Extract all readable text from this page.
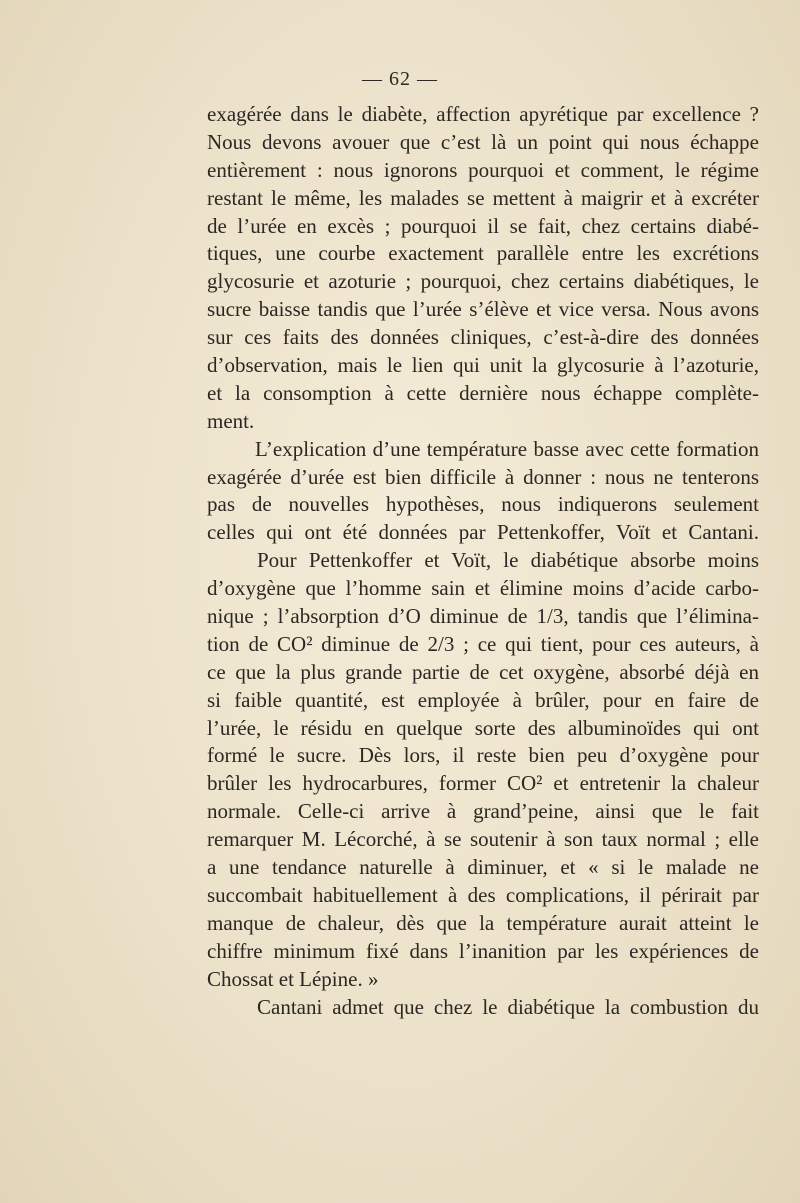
— 62 —
exagérée dans le diabète, affection apyrétique par excellence ?
Nous devons avouer que c’est là un point qui nous échappe
entièrement : nous ignorons pourquoi et comment, le régime
restant le même, les malades se mettent à maigrir et à excréter
de l’urée en excès ; pourquoi il se fait, chez certains diabé-
tiques, une courbe exactement parallèle entre les excrétions
glycosurie et azoturie ; pourquoi, chez certains diabétiques, le
sucre baisse tandis que l’urée s’élève et vice versa. Nous avons
sur ces faits des données cliniques, c’est-à-dire des données
d’observation, mais le lien qui unit la glycosurie à l’azoturie,
et la consomption à cette dernière nous échappe complète-
ment.
L’explication d’une température basse avec cette formation
exagérée d’urée est bien difficile à donner : nous ne tenterons
pas de nouvelles hypothèses, nous indiquerons seulement
celles qui ont été données par Pettenkoffer, Voït et Cantani.
Pour Pettenkoffer et Voït, le diabétique absorbe moins
d’oxygène que l’homme sain et élimine moins d’acide carbo-
nique ; l’absorption d’O diminue de 1/3, tandis que l’élimina-
tion de CO² diminue de 2/3 ; ce qui tient, pour ces auteurs, à
ce que la plus grande partie de cet oxygène, absorbé déjà en
si faible quantité, est employée à brûler, pour en faire de
l’urée, le résidu en quelque sorte des albuminoïdes qui ont
formé le sucre. Dès lors, il reste bien peu d’oxygène pour
brûler les hydrocarbures, former CO² et entretenir la chaleur
normale. Celle-ci arrive à grand’peine, ainsi que le fait
remarquer M. Lécorché, à se soutenir à son taux normal ; elle
a une tendance naturelle à diminuer, et « si le malade ne
succombait habituellement à des complications, il périrait par
manque de chaleur, dès que la température aurait atteint le
chiffre minimum fixé dans l’inanition par les expériences de
Chossat et Lépine. »
Cantani admet que chez le diabétique la combustion du
